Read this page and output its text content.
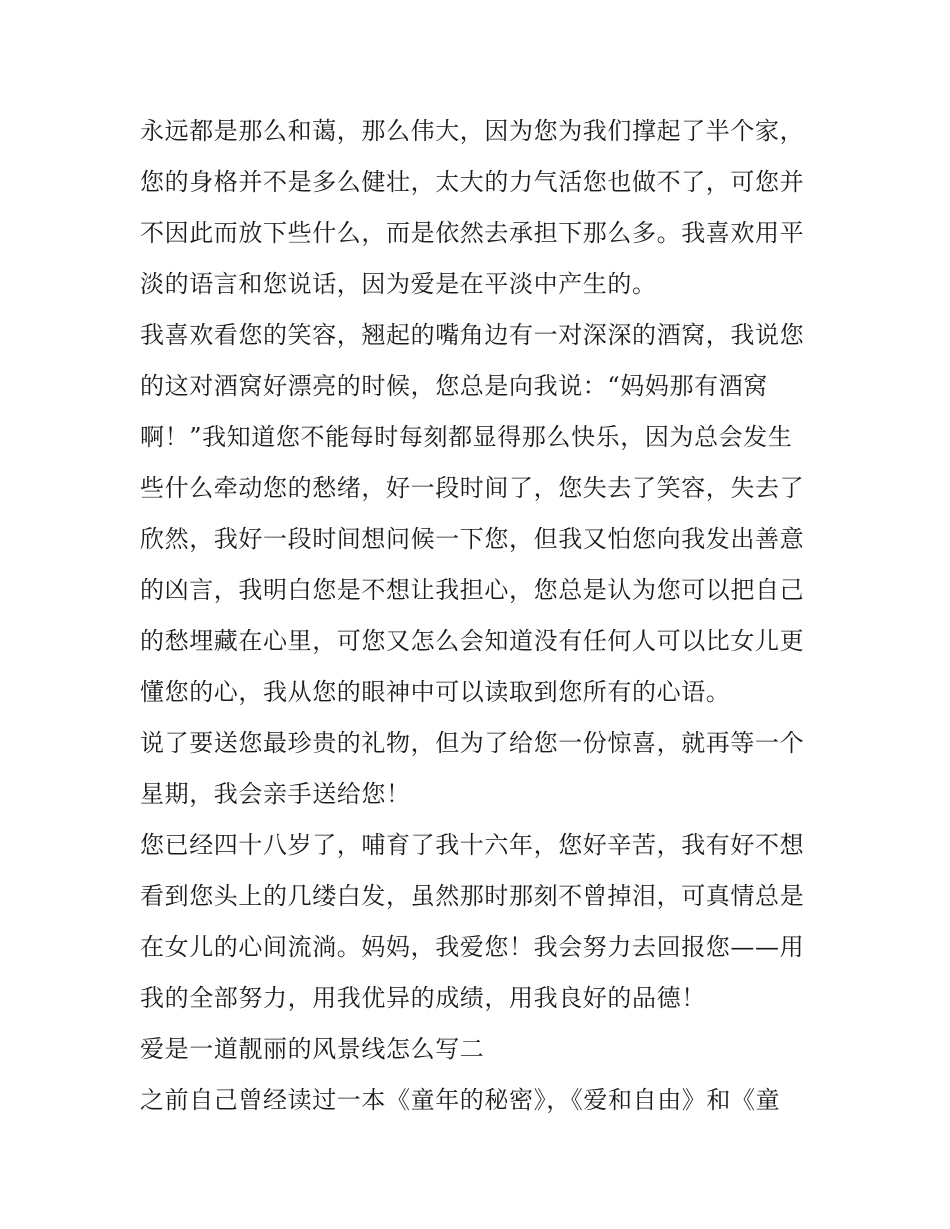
永远都是那么和蔼，那么伟大，因为您为我们撑起了半个家，
您的身格并不是多么健壮，太大的力气活您也做不了，可您并
不因此而放下些什么，而是依然去承担下那么多。我喜欢用平
淡的语言和您说话，因为爱是在平淡中产生的。
我喜欢看您的笑容，翘起的嘴角边有一对深深的酒窝，我说您
的这对酒窝好漂亮的时候，您总是向我说：“妈妈那有酒窝
啊！”我知道您不能每时每刻都显得那么快乐，因为总会发生
些什么牵动您的愁绪，好一段时间了，您失去了笑容，失去了
欣然，我好一段时间想问候一下您，但我又怕您向我发出善意
的凶言，我明白您是不想让我担心，您总是认为您可以把自己
的愁埋藏在心里，可您又怎么会知道没有任何人可以比女儿更
懂您的心，我从您的眼神中可以读取到您所有的心语。
说了要送您最珍贵的礼物，但为了给您一份惊喜，就再等一个
星期，我会亲手送给您！
您已经四十八岁了，哺育了我十六年，您好辛苦，我有好不想
看到您头上的几缕白发，虽然那时那刻不曾掉泪，可真情总是
在女儿的心间流淌。妈妈，我爱您！我会努力去回报您——用
我的全部努力，用我优异的成绩，用我良好的品德！
爱是一道靓丽的风景线怎么写二
之前自己曾经读过一本《童年的秘密》，《爱和自由》和《童
